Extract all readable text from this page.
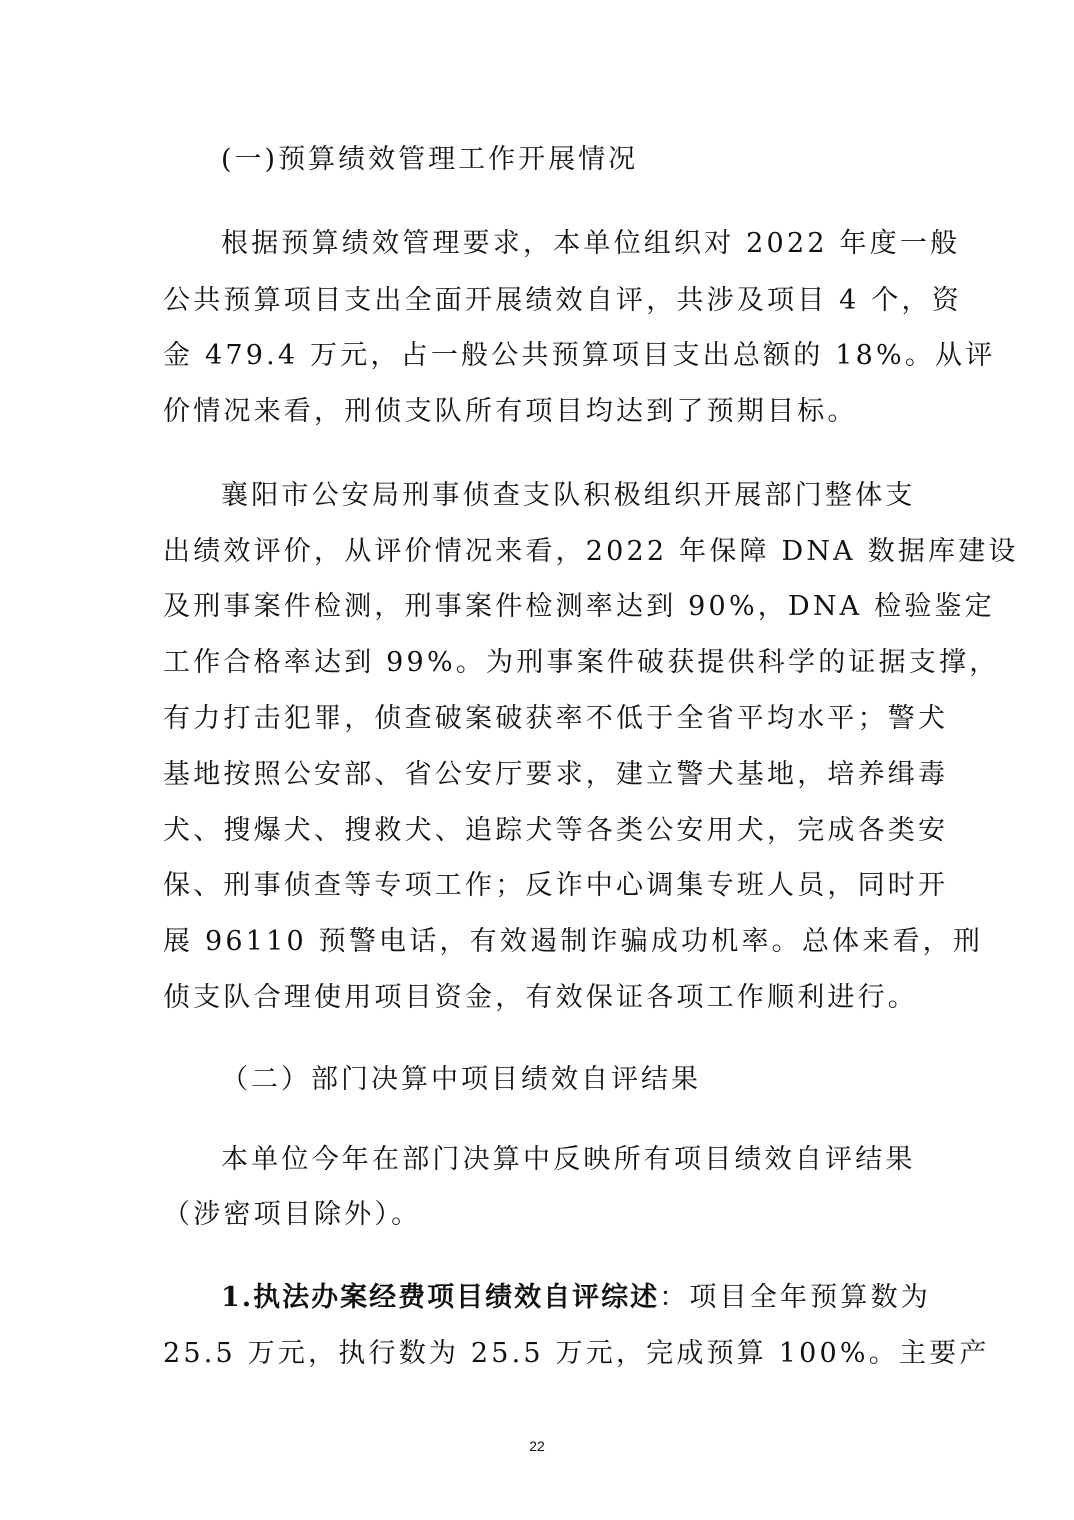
(一)预算绩效管理工作开展情况
根据预算绩效管理要求，本单位组织对 2022 年度一般
公共预算项目支出全面开展绩效自评，共涉及项目 4 个，资
金 479.4 万元，占一般公共预算项目支出总额的 18%。从评
价情况来看，刑侦支队所有项目均达到了预期目标。
襄阳市公安局刑事侦查支队积极组织开展部门整体支
出绩效评价，从评价情况来看，2022 年保障 DNA 数据库建设
及刑事案件检测，刑事案件检测率达到 90%，DNA 检验鉴定
工作合格率达到 99%。为刑事案件破获提供科学的证据支撑，
有力打击犯罪，侦查破案破获率不低于全省平均水平；警犬
基地按照公安部、省公安厅要求，建立警犬基地，培养缉毒
犬、搜爆犬、搜救犬、追踪犬等各类公安用犬，完成各类安
保、刑事侦查等专项工作；反诈中心调集专班人员，同时开
展 96110 预警电话，有效遏制诈骗成功机率。总体来看，刑
侦支队合理使用项目资金，有效保证各项工作顺利进行。
（二）部门决算中项目绩效自评结果
本单位今年在部门决算中反映所有项目绩效自评结果
（涉密项目除外）。
1.执法办案经费项目绩效自评综述：项目全年预算数为
25.5 万元，执行数为 25.5 万元，完成预算 100%。主要产
22
